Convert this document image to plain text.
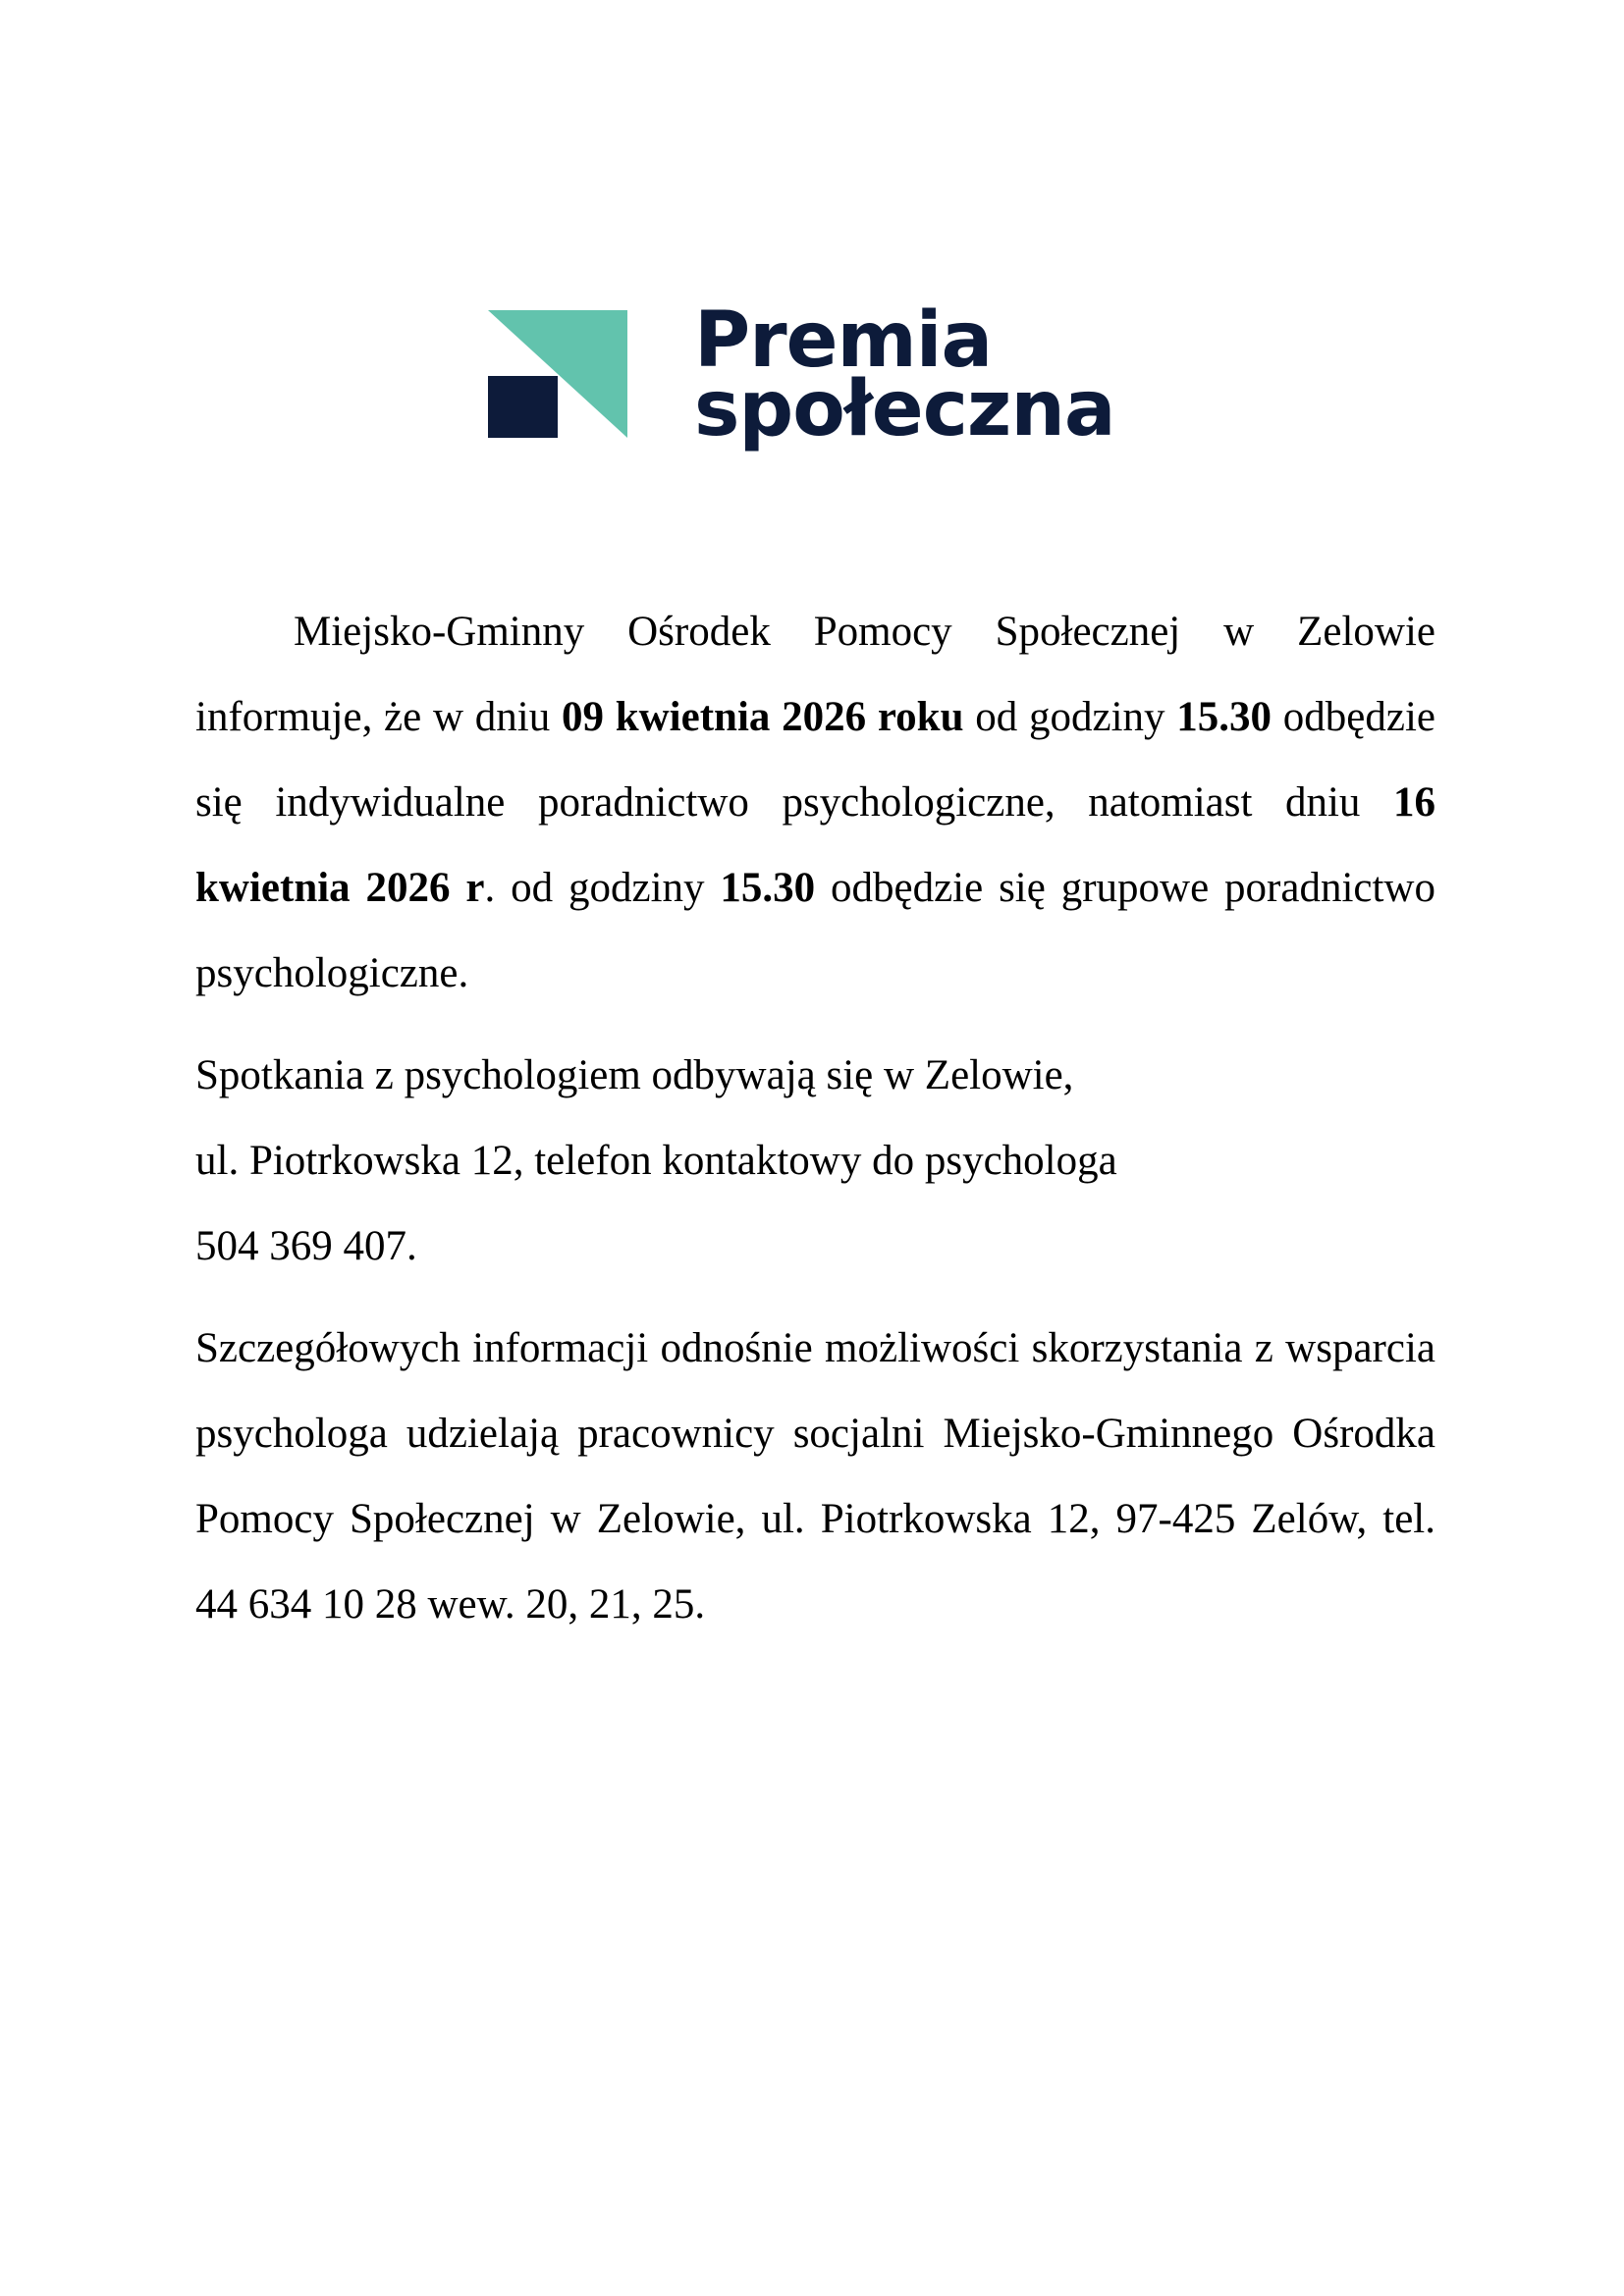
Premia
społeczna

Miejsko-Gminny Ośrodek Pomocy Społecznej w Zelowie informuje, że w dniu 09 kwietnia 2026 roku od godziny 15.30 odbędzie się indywidualne poradnictwo psychologiczne, natomiast dniu 16 kwietnia 2026 r. od godziny 15.30 odbędzie się grupowe poradnictwo psychologiczne.

Spotkania z psychologiem odbywają się w Zelowie,
ul. Piotrkowska 12, telefon kontaktowy do psychologa
504 369 407.

Szczegółowych informacji odnośnie możliwości skorzystania z wsparcia psychologa udzielają pracownicy socjalni Miejsko-Gminnego Ośrodka Pomocy Społecznej w Zelowie, ul. Piotrkowska 12, 97-425 Zelów, tel. 44 634 10 28 wew. 20, 21, 25.
